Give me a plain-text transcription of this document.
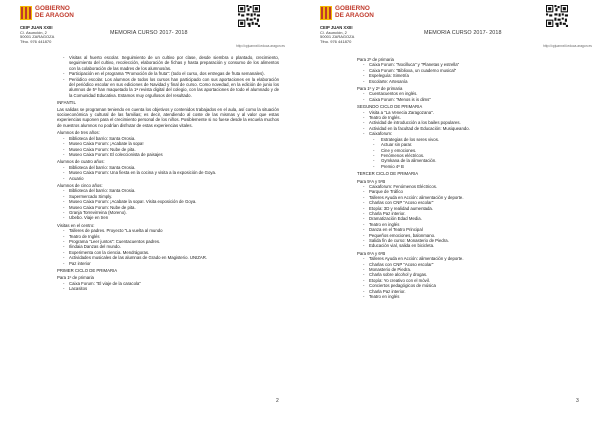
GOBIERNO
DE ARAGON
CEIP JUAN XXIII
C/. Asunción, 2
50001 ZARAGOZA
Tfno. 976 441870
MEMORIA CURSO 2017- 2018
http://cpjuanxxiii.educa.aragon.es
-	Visitas al huerto escolar. Seguimiento de un cultivo por clase, desde siembra o plantado, crecimiento, seguimiento del cultivo, recolección, elaboración de fichas y hasta preparación y consumo de los alimentos con la colaboración de las madres de los alumnos/as.
-	Participación en el programa "Promoción de la fruta": (todo el curso, dos entregas de fruta semanales).
-	Periódico escolar. Los alumnos de todos los cursos han participado con sus aportaciones en la elaboración del periódico escolar en sus ediciones de Navidad y final de curso. Como novedad, en la edición de junio los alumnos de 5º han maquetado la 1ª revista digital del colegio, con las aportaciones de todo el alumnado y de la Comunidad Educativa. Estamos muy orgullosos del resultado.
INFANTIL
Las salidas se programan teniendo en cuenta los objetivos y contenidos trabajados en el aula, así como la situación socioeconómica y cultural de las familias; es decir, atendiendo al coste de las mismas y al valor que estas experiencias suponen para el crecimiento personal de los niños. Posiblemente si no fuese desde la escuela muchos de nuestros alumnos no podrían disfrutar de estas experiencias vitales.
Alumnos de tres años:
-	Biblioteca del barrio: Santa Orosia.
-	Museo Caixa Forum: ¡Acabate la sopa!
-	Museo Caixa Forum: Nube de pita.
-	Museo Caixa Forum: El coleccionista de paisajes
Alumnos de cuatro años:
-	Biblioteca del barrio: Santa Orosia.
-	Museo Caixa Forum: Una fiesta en la cocina y visita a la exposición de Goya.
-	Acuario
Alumnos de cinco años:
-	Biblioteca del barrio: Santa Orosia.
-	Supermercado Simply.
-	Museo Caixa Forum: ¡Acabate la sopa!. Visita exposición de Goya.
-	Museo Caixa Forum: Nube de pita.
-	Granja Torrevirreina (Moreno).
-	Ubebo. Viaje en tren
Visitas en el centro:
-	Talleres de padres. Proyecto "La vuelta al mundo
-	Teatro de Inglés
-	Programa "Leer juntos": Cuentacuentos padres.
-	Ilindaia Danzas del mundo.
-	Experimenta con la ciencia. Mendrágoras.
-	Actividades musicales de las alumnas de Grado en Magisterio. UNIZAR.
-	Paz interior
PRIMER CICLO DE PRIMARIA
Para 1º de primaria
-	Caixa Forum: "El viaje de la caracola"
-	Lacasitos
2
GOBIERNO
DE ARAGON
CEIP JUAN XXIII
C/. Asunción, 2
50001 ZARAGOZA
Tfno. 976 441870
MEMORIA CURSO 2017- 2018
http://cpjuanxxiii.educa.aragon.es
Para 2º de primaria
-	Caixa Forum: "Nocilluca" y "Planetas y estrella"
-	Caixa Forum: "Biblioxa, un cuaderno musical"
-	Espeleguía: Simetría
-	Escolarte: Artesanía
Para 1º y 2º de primaria
-	Cuentacuentos en inglés.
-	Caixa Forum: "Menos is is dims"
SEGUNDO CICLO DE PRIMARIA
-	Visita a "La Venecia Zaragozana".
-	Teatro de Inglés.
-	Actividad de introducción a los bailes populares.
-	Actividad en la facultad de Educación: Musiqueando.
-	Caixaforum:
-	Estrategias de los seres vivos.
-	Actuar sin parar.
-	Cine y emociones.
-	Fenómenos eléctricos.
-	Gymkana de la alimentación.
-	Premio 4º B
TERCER CICLO DE PRIMARIA
Para 5ºA y 5ºB
-	Caixaforum: Fenómenos Eléctricos.
-	Parque de Tráfico
-	Talleres Ayuda en Acción: alimentación y deporte.
-	Charlas con CNP "Acoso escolar"
-	Etopía: 3D y realidad aumentada.
-	Charla Paz interior.
-	Dramatización Edad Media.
-	Teatro en inglés
-	Danza en el Teatro Principal
-	Pequeños emociones, balonmano.
-	Salida fin de curso: Monasterio de Piedra.
-	Educación vial, salida en bicicleta.
Para 6ºA y 6ºB
-	Talleres Ayuda en Acción: alimentación y deporte.
-	Charlas con CNP "Acoso escolar"
-	Monasterio de Piedra.
-	Charla sobre alcohol y drogas.
-	Etopía: Yo creativo con el móvil.
-	Conciertos pedagógicos de música
-	Charla Paz interior.
-	Teatro en inglés
3
